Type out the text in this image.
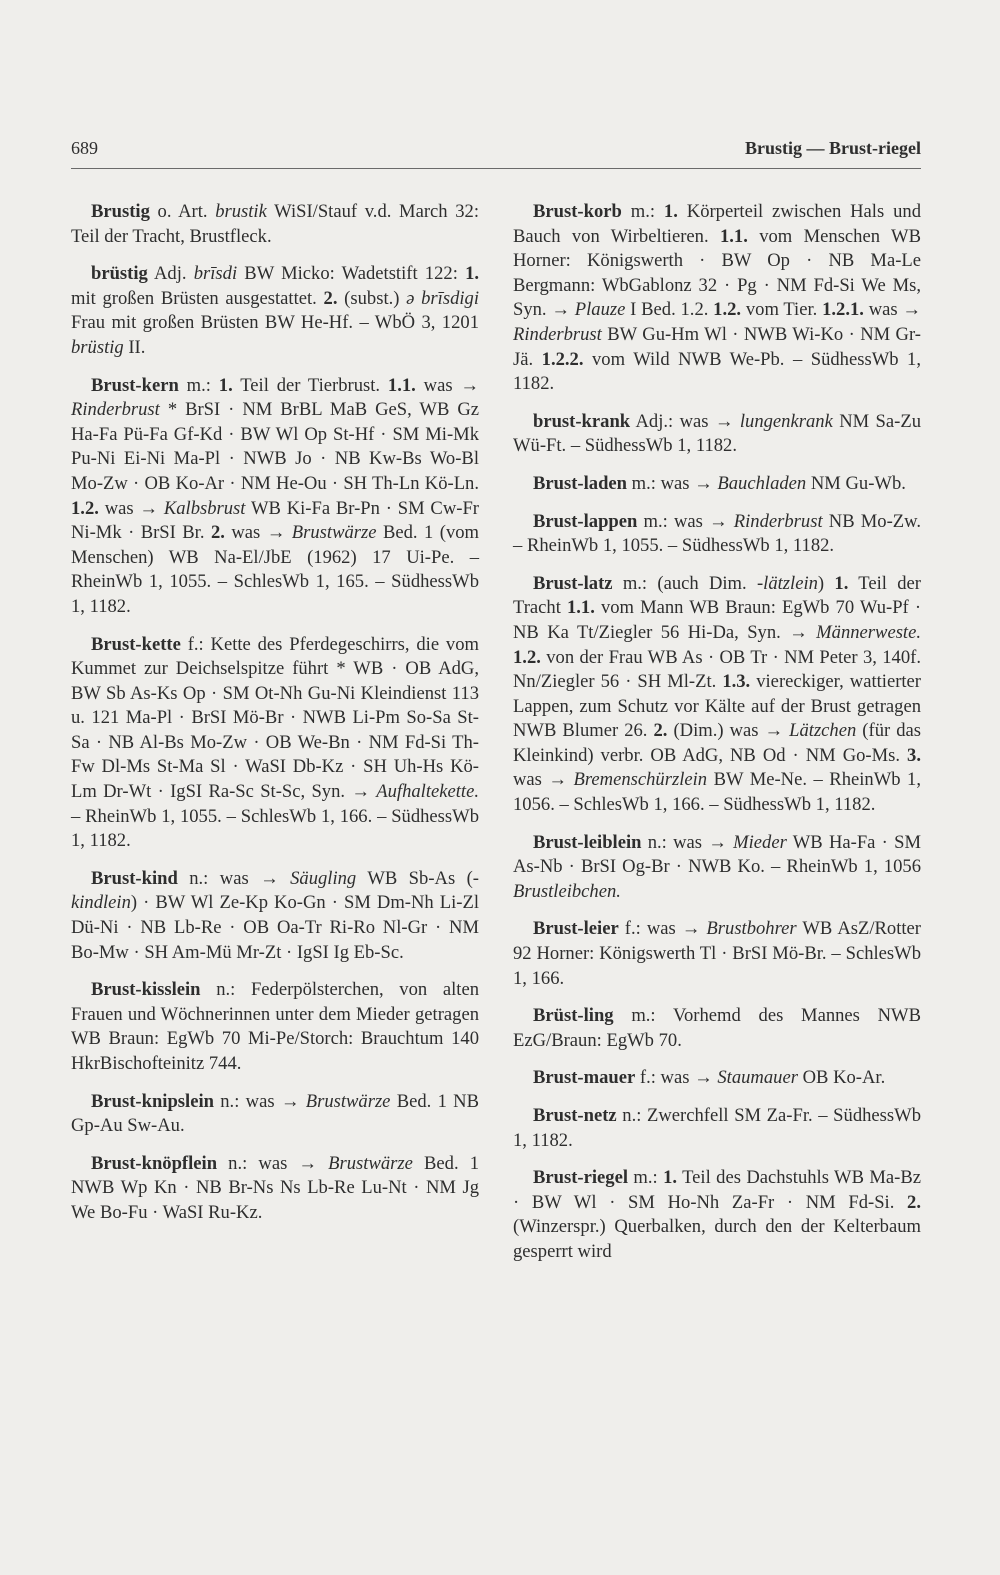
689	Brustig — Brust-riegel

Brustig o. Art. brustik WiSI/Stauf v.d. March 32: Teil der Tracht, Brustfleck.

brüstig Adj. brīsdi BW Micko: Wadetstift 122: 1. mit großen Brüsten ausgestattet. 2. (subst.) ə brīsdigi Frau mit großen Brüsten BW He-Hf. – WbÖ 3, 1201 brüstig II.

Brust-kern m.: 1. Teil der Tierbrust. 1.1. was → Rinderbrust * BrSI · NM BrBL MaB GeS, WB Gz Ha-Fa Pü-Fa Gf-Kd · BW Wl Op St-Hf · SM Mi-Mk Pu-Ni Ei-Ni Ma-Pl · NWB Jo · NB Kw-Bs Wo-Bl Mo-Zw · OB Ko-Ar · NM He-Ou · SH Th-Ln Kö-Ln. 1.2. was → Kalbsbrust WB Ki-Fa Br-Pn · SM Cw-Fr Ni-Mk · BrSI Br. 2. was → Brustwärze Bed. 1 (vom Menschen) WB Na-El/JbE (1962) 17 Ui-Pe. – RheinWb 1, 1055. – SchlesWb 1, 165. – SüdhessWb 1, 1182.

Brust-kette f.: Kette des Pferdegeschirrs, die vom Kummet zur Deichselspitze führt * WB · OB AdG, BW Sb As-Ks Op · SM Ot-Nh Gu-Ni Kleindienst 113 u. 121 Ma-Pl · BrSI Mö-Br · NWB Li-Pm So-Sa St-Sa · NB Al-Bs Mo-Zw · OB We-Bn · NM Fd-Si Th-Fw Dl-Ms St-Ma Sl · WaSI Db-Kz · SH Uh-Hs Kö-Lm Dr-Wt · IgSI Ra-Sc St-Sc, Syn. → Aufhaltekette. – RheinWb 1, 1055. – SchlesWb 1, 166. – SüdhessWb 1, 1182.

Brust-kind n.: was → Säugling WB Sb-As (-kindlein) · BW Wl Ze-Kp Ko-Gn · SM Dm-Nh Li-Zl Dü-Ni · NB Lb-Re · OB Oa-Tr Ri-Ro Nl-Gr · NM Bo-Mw · SH Am-Mü Mr-Zt · IgSI Ig Eb-Sc.

Brust-kisslein n.: Federpölsterchen, von alten Frauen und Wöchnerinnen unter dem Mieder getragen WB Braun: EgWb 70 Mi-Pe/Storch: Brauchtum 140 HkrBischofteinitz 744.

Brust-knipslein n.: was → Brustwärze Bed. 1 NB Gp-Au Sw-Au.

Brust-knöpflein n.: was → Brustwärze Bed. 1 NWB Wp Kn · NB Br-Ns Ns Lb-Re Lu-Nt · NM Jg We Bo-Fu · WaSI Ru-Kz.

Brust-korb m.: 1. Körperteil zwischen Hals und Bauch von Wirbeltieren. 1.1. vom Menschen WB Horner: Königswerth · BW Op · NB Ma-Le Bergmann: WbGablonz 32 · Pg · NM Fd-Si We Ms, Syn. → Plauze I Bed. 1.2. 1.2. vom Tier. 1.2.1. was → Rinderbrust BW Gu-Hm Wl · NWB Wi-Ko · NM Gr-Jä. 1.2.2. vom Wild NWB We-Pb. – SüdhessWb 1, 1182.

brust-krank Adj.: was → lungenkrank NM Sa-Zu Wü-Ft. – SüdhessWb 1, 1182.

Brust-laden m.: was → Bauchladen NM Gu-Wb.

Brust-lappen m.: was → Rinderbrust NB Mo-Zw. – RheinWb 1, 1055. – SüdhessWb 1, 1182.

Brust-latz m.: (auch Dim. -lätzlein) 1. Teil der Tracht 1.1. vom Mann WB Braun: EgWb 70 Wu-Pf · NB Ka Tt/Ziegler 56 Hi-Da, Syn. → Männerweste. 1.2. von der Frau WB As · OB Tr · NM Peter 3, 140f. Nn/Ziegler 56 · SH Ml-Zt. 1.3. viereckiger, wattierter Lappen, zum Schutz vor Kälte auf der Brust getragen NWB Blumer 26. 2. (Dim.) was → Lätzchen (für das Kleinkind) verbr. OB AdG, NB Od · NM Go-Ms. 3. was → Bremenschürzlein BW Me-Ne. – RheinWb 1, 1056. – SchlesWb 1, 166. – SüdhessWb 1, 1182.

Brust-leiblein n.: was → Mieder WB Ha-Fa · SM As-Nb · BrSI Og-Br · NWB Ko. – RheinWb 1, 1056 Brustleibchen.

Brust-leier f.: was → Brustbohrer WB AsZ/Rotter 92 Horner: Königswerth Tl · BrSI Mö-Br. – SchlesWb 1, 166.

Brüst-ling m.: Vorhemd des Mannes NWB EzG/Braun: EgWb 70.

Brust-mauer f.: was → Staumauer OB Ko-Ar.

Brust-netz n.: Zwerchfell SM Za-Fr. – SüdhessWb 1, 1182.

Brust-riegel m.: 1. Teil des Dachstuhls WB Ma-Bz · BW Wl · SM Ho-Nh Za-Fr · NM Fd-Si. 2. (Winzerspr.) Querbalken, durch den der Kelterbaum gesperrt wird
